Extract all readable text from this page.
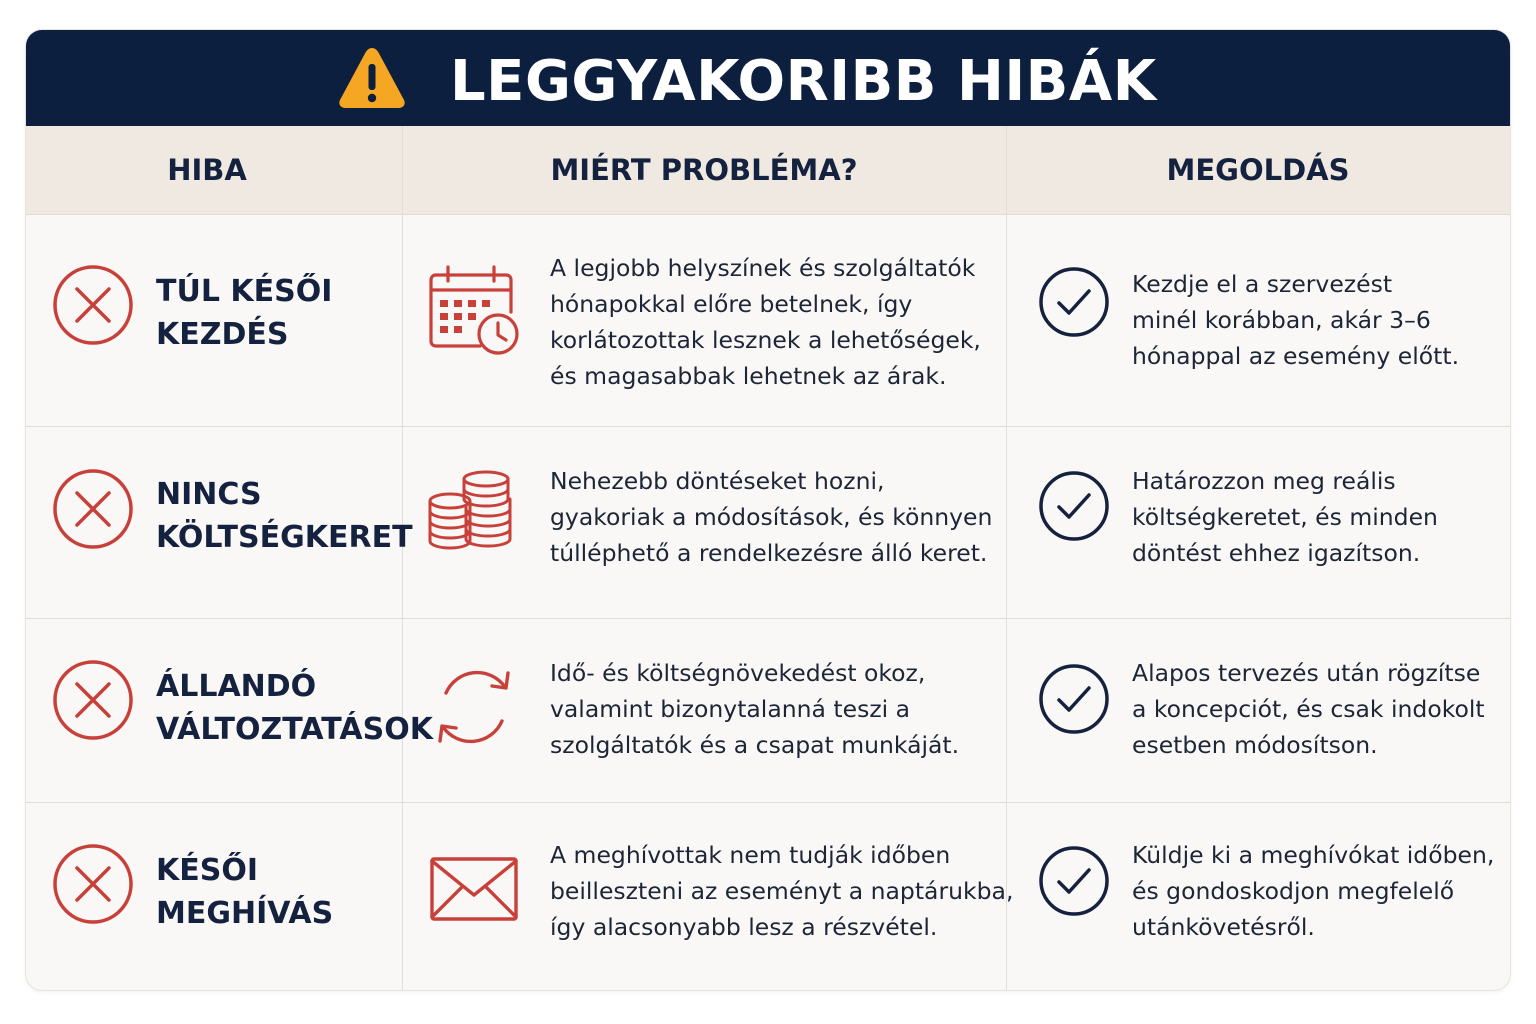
LEGGYAKORIBB HIBÁK
HIBA	MIÉRT PROBLÉMA?	MEGOLDÁS
TÚL KÉSŐI
KEZDÉS
A legjobb helyszínek és szolgáltatók
hónapokkal előre betelnek, így
korlátozottak lesznek a lehetőségek,
és magasabbak lehetnek az árak.
Kezdje el a szervezést
minél korábban, akár 3–6
hónappal az esemény előtt.
NINCS
KÖLTSÉGKERET
Nehezebb döntéseket hozni,
gyakoriak a módosítások, és könnyen
túlléphető a rendelkezésre álló keret.
Határozzon meg reális
költségkeretet, és minden
döntést ehhez igazítson.
ÁLLANDÓ
VÁLTOZTATÁSOK
Idő- és költségnövekedést okoz,
valamint bizonytalanná teszi a
szolgáltatók és a csapat munkáját.
Alapos tervezés után rögzítse
a koncepciót, és csak indokolt
esetben módosítson.
KÉSŐI
MEGHÍVÁS
A meghívottak nem tudják időben
beilleszteni az eseményt a naptárukba,
így alacsonyabb lesz a részvétel.
Küldje ki a meghívókat időben,
és gondoskodjon megfelelő
utánkövetésről.
